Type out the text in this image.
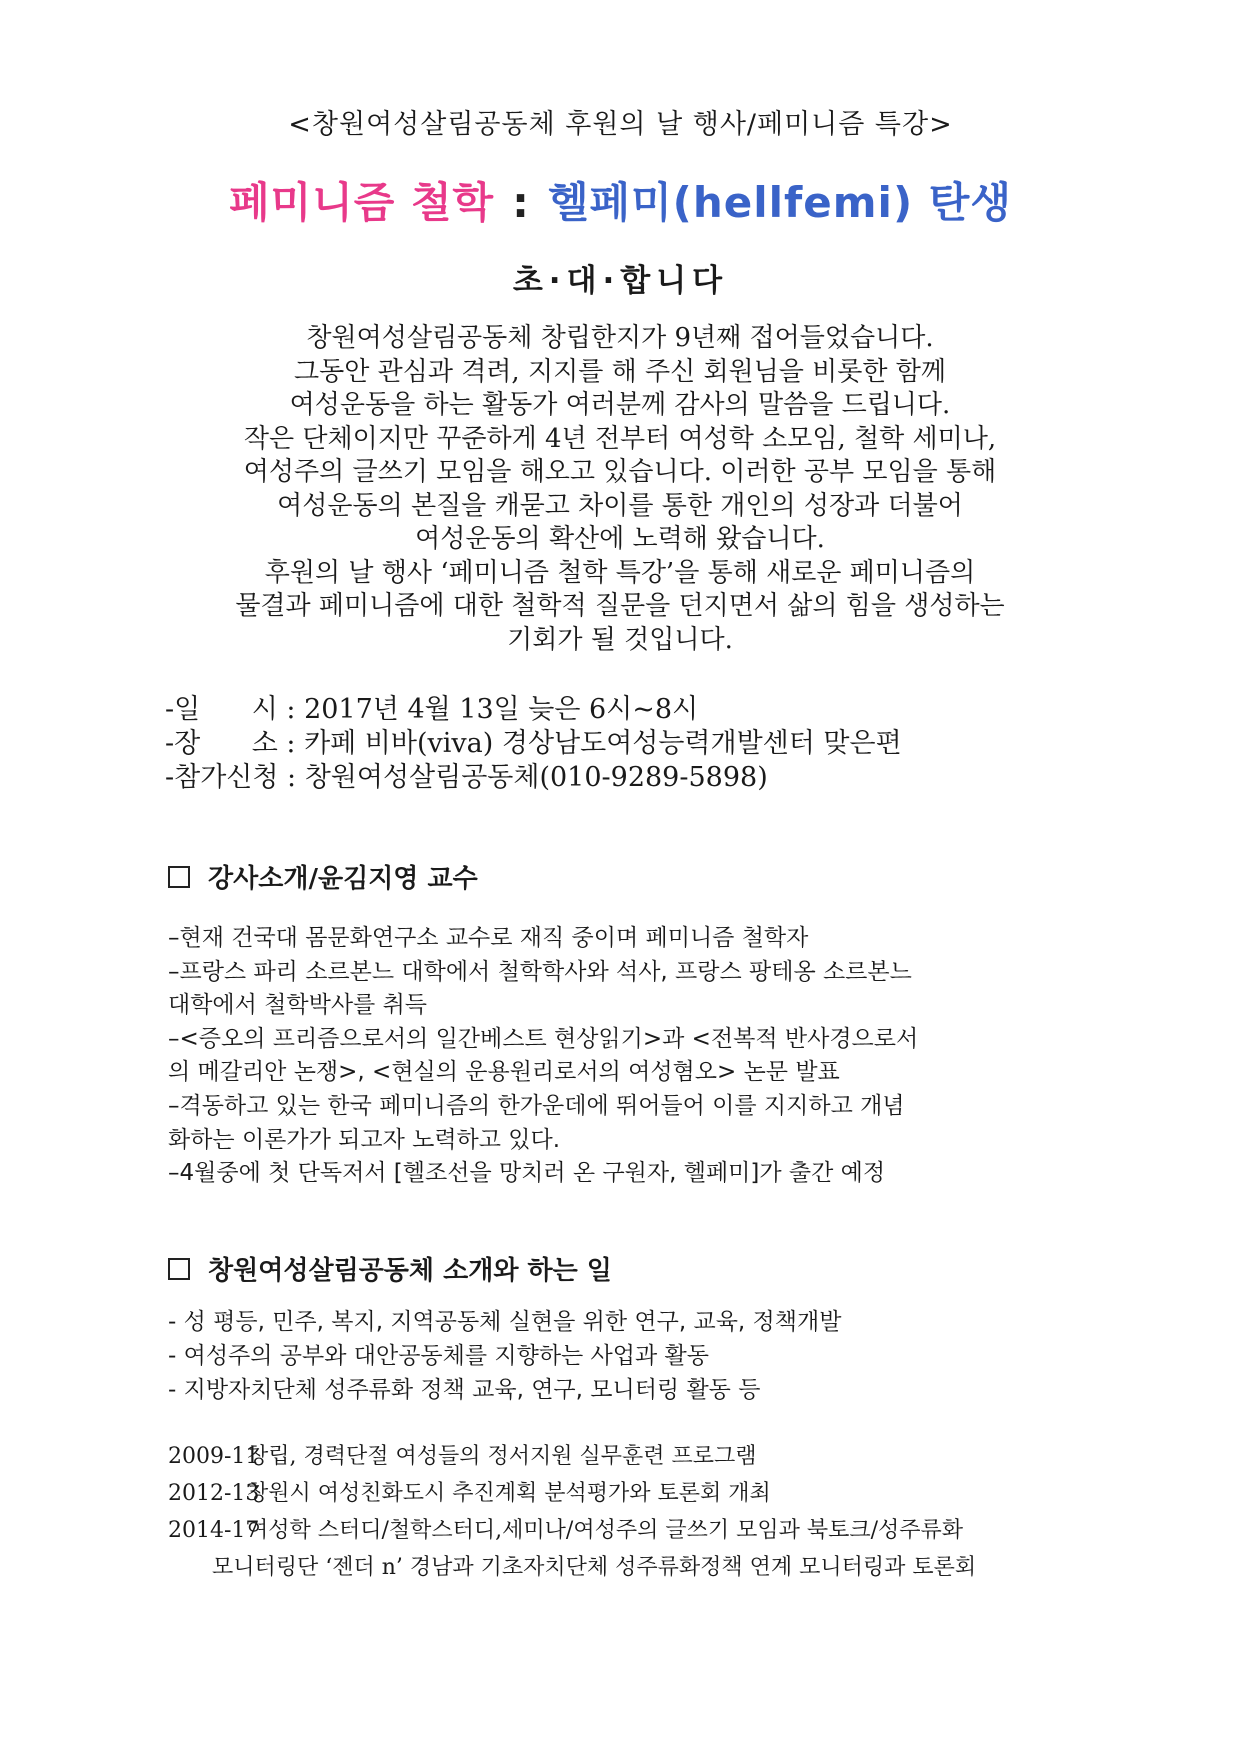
<창원여성살림공동체 후원의 날 행사/페미니즘 특강>
페미니즘 철학 : 헬페미(hellfemi) 탄생
초·대·합니다
창원여성살림공동체 창립한지가 9년째 접어들었습니다.
그동안 관심과 격려, 지지를 해 주신 회원님을 비롯한 함께
여성운동을 하는 활동가 여러분께 감사의 말씀을 드립니다.
작은 단체이지만 꾸준하게 4년 전부터 여성학 소모임, 철학 세미나,
여성주의 글쓰기 모임을 해오고 있습니다. 이러한 공부 모임을 통해
여성운동의 본질을 캐묻고 차이를 통한 개인의 성장과 더불어
여성운동의 확산에 노력해 왔습니다.
후원의 날 행사 ‘페미니즘 철학 특강’을 통해 새로운 페미니즘의
물결과 페미니즘에 대한 철학적 질문을 던지면서 삶의 힘을 생성하는
기회가 될 것입니다.
-일      시 : 2017년 4월 13일 늦은 6시~8시
-장      소 : 카페 비바(viva) 경상남도여성능력개발센터 맞은편
-참가신청 : 창원여성살림공동체(010-9289-5898)
강사소개/윤김지영 교수
–현재 건국대 몸문화연구소 교수로 재직 중이며 페미니즘 철학자
–프랑스 파리 소르본느 대학에서 철학학사와 석사, 프랑스 팡테옹 소르본느
대학에서 철학박사를 취득
–<증오의 프리즘으로서의 일간베스트 현상읽기>과 <전복적 반사경으로서
의 메갈리안 논쟁>, <현실의 운용원리로서의 여성혐오> 논문 발표
–격동하고 있는 한국 페미니즘의 한가운데에 뛰어들어 이를 지지하고 개념
화하는 이론가가 되고자 노력하고 있다.
–4월중에 첫 단독저서 [헬조선을 망치러 온 구원자, 헬페미]가 출간 예정
창원여성살림공동체 소개와 하는 일
- 성 평등, 민주, 복지, 지역공동체 실현을 위한 연구, 교육, 정책개발
- 여성주의 공부와 대안공동체를 지향하는 사업과 활동
- 지방자치단체 성주류화 정책 교육, 연구, 모니터링 활동 등
2009-11 창립, 경력단절 여성들의 정서지원 실무훈련 프로그램
2012-13 창원시 여성친화도시 추진계획 분석평가와 토론회 개최
2014-17 여성학 스터디/철학스터디,세미나/여성주의 글쓰기 모임과 북토크/성주류화
모니터링단 ‘젠더 n’ 경남과 기초자치단체 성주류화정책 연계 모니터링과 토론회
